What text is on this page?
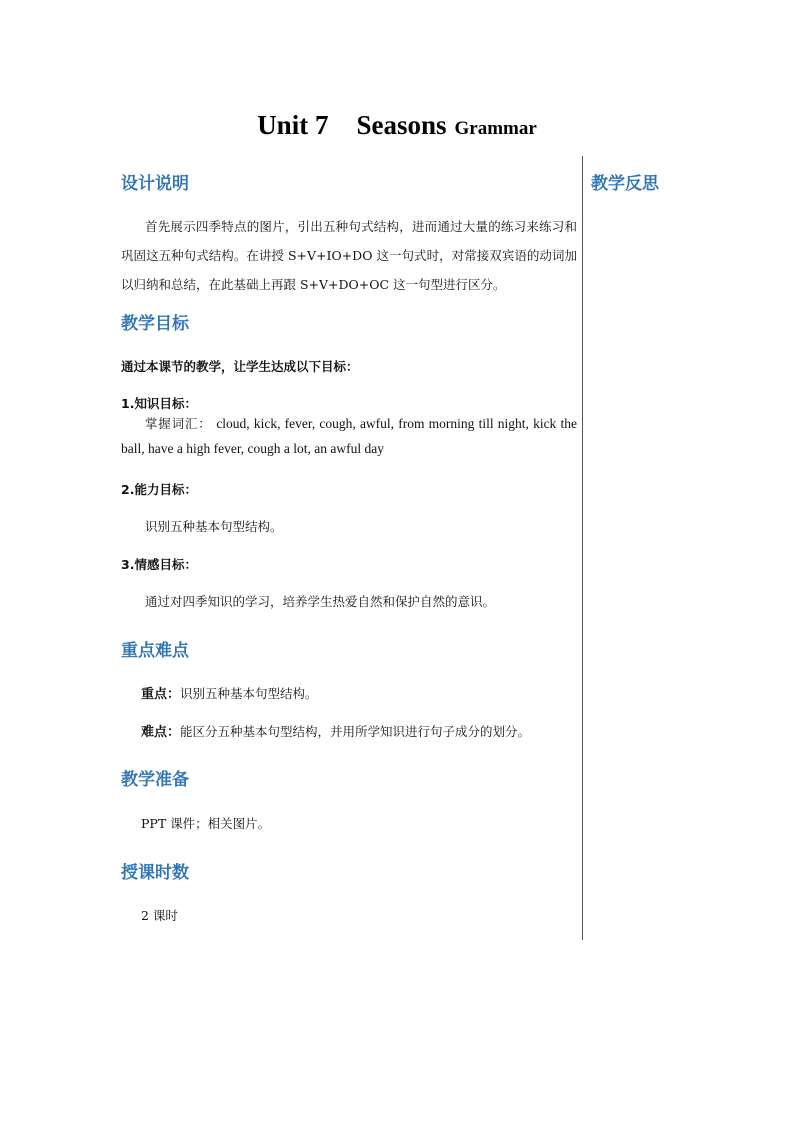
Unit 7 Seasons Grammar
教学反思
设计说明
首先展示四季特点的图片，引出五种句式结构，进而通过大量的练习来练习和巩固这五种句式结构。在讲授 S+V+IO+DO 这一句式时，对常接双宾语的动词加以归纳和总结，在此基础上再跟 S+V+DO+OC 这一句型进行区分。
教学目标
通过本课节的教学，让学生达成以下目标：
1.知识目标：
掌握词汇： cloud, kick, fever, cough, awful, from morning till night, kick the ball, have a high fever, cough a lot, an awful day
2.能力目标：
识别五种基本句型结构。
3.情感目标：
通过对四季知识的学习，培养学生热爱自然和保护自然的意识。
重点难点
重点：识别五种基本句型结构。
难点：能区分五种基本句型结构，并用所学知识进行句子成分的划分。
教学准备
PPT 课件；相关图片。
授课时数
2 课时
